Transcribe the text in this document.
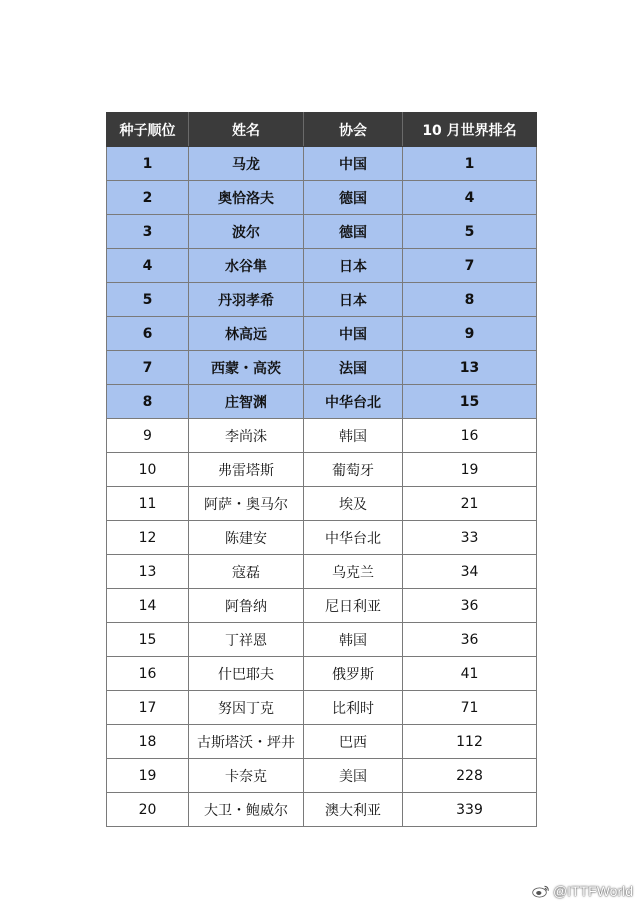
种子顺位	姓名	协会	10 月世界排名
1	马龙	中国	1
2	奥恰洛夫	德国	4
3	波尔	德国	5
4	水谷隼	日本	7
5	丹羽孝希	日本	8
6	林高远	中国	9
7	西蒙・高茨	法国	13
8	庄智渊	中华台北	15
9	李尚洙	韩国	16
10	弗雷塔斯	葡萄牙	19
11	阿萨・奥马尔	埃及	21
12	陈建安	中华台北	33
13	寇磊	乌克兰	34
14	阿鲁纳	尼日利亚	36
15	丁祥恩	韩国	36
16	什巴耶夫	俄罗斯	41
17	努因丁克	比利时	71
18	古斯塔沃・坪井	巴西	112
19	卡奈克	美国	228
20	大卫・鲍威尔	澳大利亚	339
@ITTFWorld
